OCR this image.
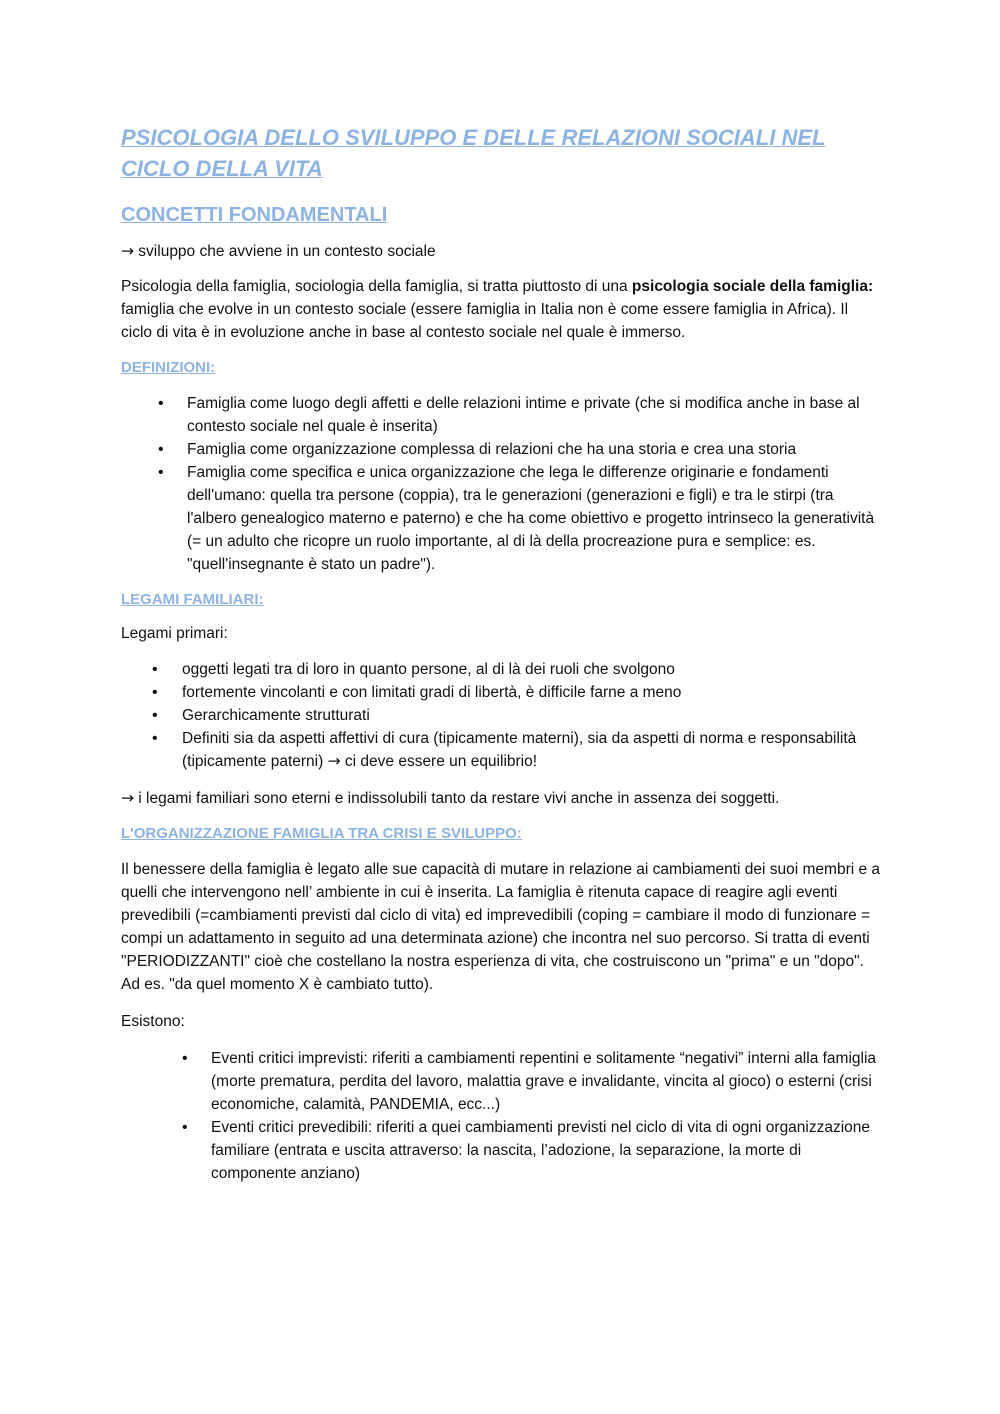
PSICOLOGIA DELLO SVILUPPO E DELLE RELAZIONI SOCIALI NEL CICLO DELLA VITA
CONCETTI FONDAMENTALI

→ sviluppo che avviene in un contesto sociale

Psicologia della famiglia, sociologia della famiglia, si tratta piuttosto di una psicologia sociale della famiglia: famiglia che evolve in un contesto sociale (essere famiglia in Italia non è come essere famiglia in Africa). Il ciclo di vita è in evoluzione anche in base al contesto sociale nel quale è immerso.

DEFINIZIONI:
• Famiglia come luogo degli affetti e delle relazioni intime e private (che si modifica anche in base al contesto sociale nel quale è inserita)
• Famiglia come organizzazione complessa di relazioni che ha una storia e crea una storia
• Famiglia come specifica e unica organizzazione che lega le differenze originarie e fondamenti dell'umano: quella tra persone (coppia), tra le generazioni (generazioni e figli) e tra le stirpi (tra l'albero genealogico materno e paterno) e che ha come obiettivo e progetto intrinseco la generatività (= un adulto che ricopre un ruolo importante, al di là della procreazione pura e semplice: es. "quell'insegnante è stato un padre").
LEGAMI FAMILIARI:

Legami primari:

• oggetti legati tra di loro in quanto persone, al di là dei ruoli che svolgono
• fortemente vincolanti e con limitati gradi di libertà, è difficile farne a meno
• Gerarchicamente strutturati
• Definiti sia da aspetti affettivi di cura (tipicamente materni), sia da aspetti di norma e responsabilità (tipicamente paterni) → ci deve essere un equilibrio!

→ i legami familiari sono eterni e indissolubili tanto da restare vivi anche in assenza dei soggetti.

L'ORGANIZZAZIONE FAMIGLIA TRA CRISI E SVILUPPO:

Il benessere della famiglia è legato alle sue capacità di mutare in relazione ai cambiamenti dei suoi membri e a quelli che intervengono nell’ ambiente in cui è inserita. La famiglia è ritenuta capace di reagire agli eventi prevedibili (=cambiamenti previsti dal ciclo di vita) ed imprevedibili (coping = cambiare il modo di funzionare = compi un adattamento in seguito ad una determinata azione) che incontra nel suo percorso. Si tratta di eventi "PERIODIZZANTI" cioè che costellano la nostra esperienza di vita, che costruiscono un "prima" e un "dopo". Ad es. "da quel momento X è cambiato tutto).

Esistono:

• Eventi critici imprevisti: riferiti a cambiamenti repentini e solitamente “negativi” interni alla famiglia (morte prematura, perdita del lavoro, malattia grave e invalidante, vincita al gioco) o esterni (crisi economiche, calamità, PANDEMIA, ecc...)
• Eventi critici prevedibili: riferiti a quei cambiamenti previsti nel ciclo di vita di ogni organizzazione familiare (entrata e uscita attraverso: la nascita, l’adozione, la separazione, la morte di componente anziano)
